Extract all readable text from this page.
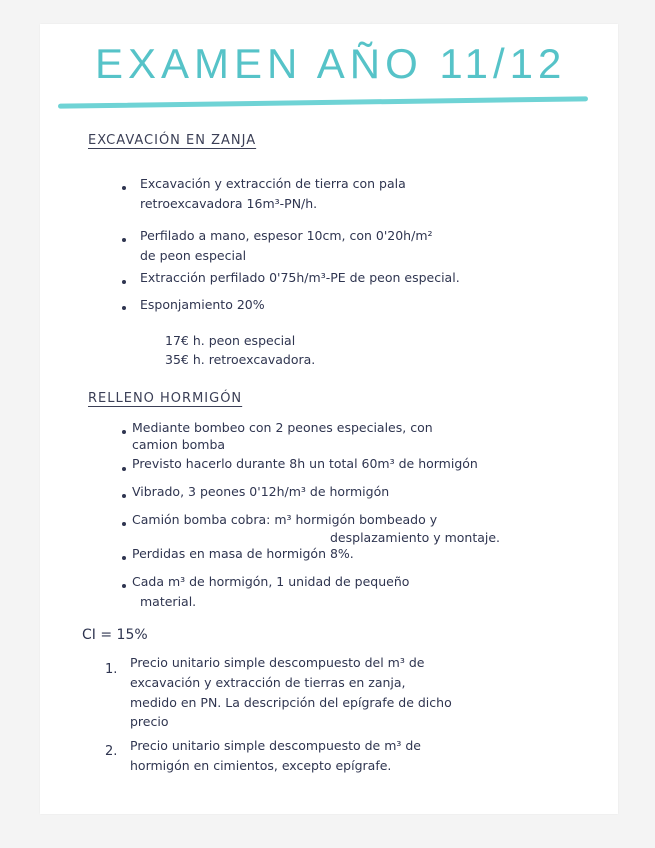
EXAMEN AÑO 11/12
EXCAVACIÓN EN ZANJA
Excavación y extracción de tierra con pala
retroexcavadora 16m³-PN/h.
Perfilado a mano, espesor 10cm, con 0'20h/m²
de peon especial
Extracción perfilado 0'75h/m³-PE de peon especial.
Esponjamiento 20%
17€ h. peon especial
35€ h. retroexcavadora.
RELLENO HORMIGÓN
Mediante bombeo con 2 peones especiales, con
camion bomba
Previsto hacerlo durante 8h un total 60m³ de hormigón
Vibrado, 3 peones 0'12h/m³ de hormigón
Camión bomba cobra: m³ hormigón bombeado y
desplazamiento y montaje.
Perdidas en masa de hormigón 8%.
Cada m³ de hormigón, 1 unidad de pequeño
material.
CI = 15%
1. Precio unitario simple descompuesto del m³ de
excavación y extracción de tierras en zanja,
medido en PN. La descripción del epígrafe de dicho
precio
2. Precio unitario simple descompuesto de m³ de
hormigón en cimientos, excepto epígrafe.
